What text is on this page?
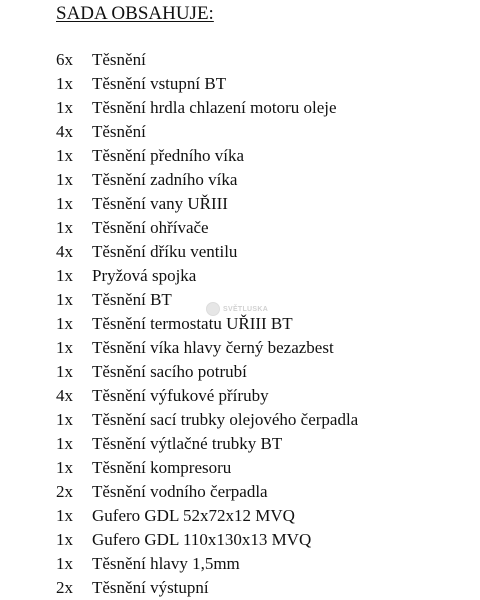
SADA OBSAHUJE:
6x Těsnění
1x Těsnění vstupní BT
1x Těsnění hrdla chlazení motoru oleje
4x Těsnění
1x Těsnění předního víka
1x Těsnění zadního víka
1x Těsnění vany UŘIII
1x Těsnění ohřívače
4x Těsnění dříku ventilu
1x Pryžová spojka
1x Těsnění BT
1x Těsnění termostatu UŘIII BT
1x Těsnění víka hlavy černý bezazbest
1x Těsnění sacího potrubí
4x Těsnění výfukové příruby
1x Těsnění sací trubky olejového čerpadla
1x Těsnění výtlačné trubky BT
1x Těsnění kompresoru
2x Těsnění vodního čerpadla
1x Gufero GDL 52x72x12 MVQ
1x Gufero GDL 110x130x13 MVQ
1x Těsnění hlavy 1,5mm
2x Těsnění výstupní
SVĚTLUSKA
